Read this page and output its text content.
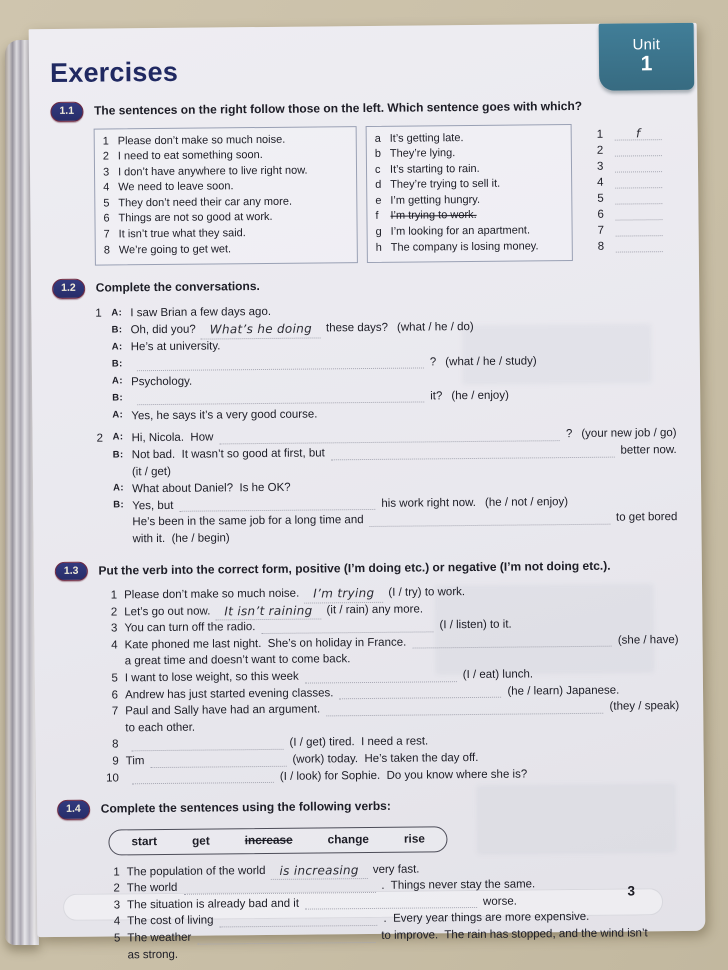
Unit
1
Exercises
1.1	The sentences on the right follow those on the left. Which sentence goes with which?
1 Please don’t make so much noise.
2 I need to eat something soon.
3 I don’t have anywhere to live right now.
4 We need to leave soon.
5 They don’t need their car any more.
6 Things are not so good at work.
7 It isn’t true what they said.
8 We’re going to get wet.
a It’s getting late.
b They’re lying.
c It’s starting to rain.
d They’re trying to sell it.
e I’m getting hungry.
f	I’m trying to work.
g I’m looking for an apartment.
h The company is losing money.
1	f
2
3
4
5
6
7
8
1.2	Complete the conversations.
1 A: I saw Brian a few days ago.
B: Oh, did you?	What’s he doing	these days? (what / he / do)
A: He’s at university.
B:	? (what / he / study)
A: Psychology.
B:	it? (he / enjoy)
A: Yes, he says it’s a very good course.
2 A: Hi, Nicola.  How	? (your new job / go)
B: Not bad.  It wasn’t so good at first, but	better now.
(it / get)
A: What about Daniel?  Is he OK?
B: Yes, but	his work right now. (he / not / enjoy)
He’s been in the same job for a long time and	to get bored
with it.  (he / begin)
1.3	Put the verb into the correct form, positive (I’m doing etc.) or negative (I’m not doing etc.).
1 Please don’t make so much noise.	I’m trying	(I / try) to work.
2 Let’s go out now.	It isn’t raining	(it / rain) any more.
3 You can turn off the radio.	(I / listen) to it.
4 Kate phoned me last night.  She’s on holiday in France.	(she / have)
a great time and doesn’t want to come back.
5 I want to lose weight, so this week	(I / eat) lunch.
6 Andrew has just started evening classes.	(he / learn) Japanese.
7 Paul and Sally have had an argument.	(they / speak)
to each other.
8	(I / get) tired.  I need a rest.
9 Tim	(work) today.  He’s taken the day off.
10	(I / look) for Sophie.  Do you know where she is?
1.4	Complete the sentences using the following verbs:
start	get	increase	change	rise
1 The population of the world	is increasing	very fast.
2 The world	.  Things never stay the same.
3 The situation is already bad and it	worse.
4 The cost of living	.  Every year things are more expensive.
5 The weather	to improve.  The rain has stopped, and the wind isn’t
as strong.
3
